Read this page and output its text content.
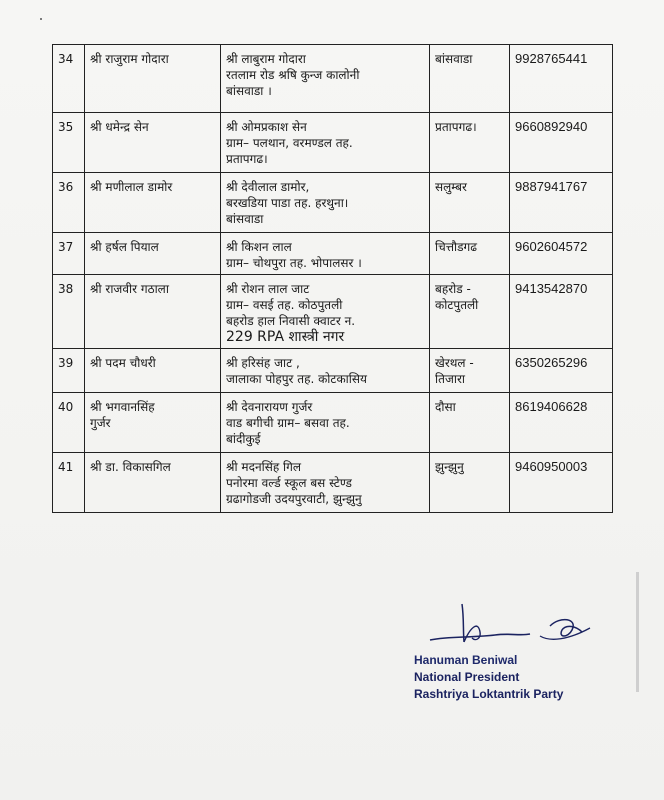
34	श्री राजुराम गोदारा	श्री लाबुराम गोदारा
रतलाम रोड श्रषि कुन्ज कालोनी
बांसवाडा ।	बांसवाडा	9928765441
35	श्री धमेन्द्र सेन	श्री ओमप्रकाश सेन
ग्राम– पलथान, वरमण्डल तह.
प्रतापगढ।	प्रतापगढ।	9660892940
36	श्री मणीलाल डामोर	श्री देवीलाल डामोर,
बरखडिया पाडा तह. हरथुना।
बांसवाडा	सलुम्बर	9887941767
37	श्री हर्षल पियाल	श्री किशन लाल
ग्राम– चोथपुरा तह. भोपालसर ।	चित्तौडगढ	9602604572
38	श्री राजवीर गठाला	श्री रोशन लाल जाट
ग्राम– वसई तह. कोठपुतली
बहरोड हाल निवासी क्वाटर न.
229 RPA शास्त्री नगर	बहरोड -
कोटपुतली	9413542870
39	श्री पदम चौधरी	श्री हरिसंह जाट ,
जालाका पोहपुर तह. कोटकासिय	खेरथल -
तिजारा	6350265296
40	श्री भगवानसिंह
गुर्जर	श्री देवनारायण गुर्जर
वाड बगीची ग्राम– बसवा तह.
बांदीकुई	दौसा	8619406628
41	श्री डा. विकासगिल	श्री मदनसिंह गिल
पनोरमा वर्ल्ड स्कूल बस स्टेण्ड
ग्रढागोडजी उदयपुरवाटी, झुन्झुनु	झुन्झुनु	9460950003
Hanuman Beniwal
National President
Rashtriya Loktantrik Party
